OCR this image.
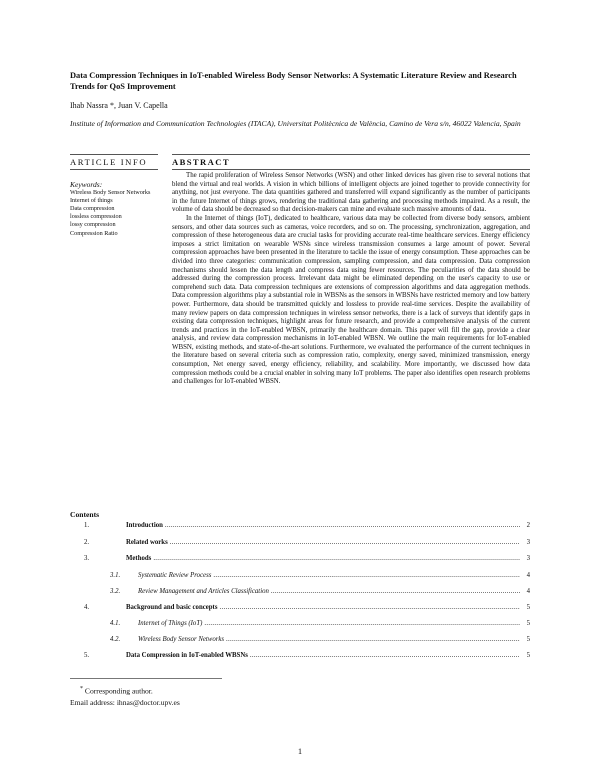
Data Compression Techniques in IoT-enabled Wireless Body Sensor Networks: A Systematic Literature Review and Research Trends for QoS Improvement
Ihab Nassra *, Juan V. Capella
Institute of Information and Communication Technologies (ITACA), Universitat Politècnica de València, Camino de Vera s/n, 46022 Valencia, Spain
ARTICLE INFO
Keywords:
Wireless Body Sensor Networks
Internet of things
Data compression
lossless compression
lossy compression
Compression Ratio
ABSTRACT

The rapid proliferation of Wireless Sensor Networks (WSN) and other linked devices has given rise to several notions that blend the virtual and real worlds. A vision in which billions of intelligent objects are joined together to provide connectivity for anything, not just everyone. The data quantities gathered and transferred will expand significantly as the number of participants in the future Internet of things grows, rendering the traditional data gathering and processing methods impaired. As a result, the volume of data should be decreased so that decision-makers can mine and evaluate such massive amounts of data.

In the Internet of things (IoT), dedicated to healthcare, various data may be collected from diverse body sensors, ambient sensors, and other data sources such as cameras, voice recorders, and so on. The processing, synchronization, aggregation, and compression of these heterogeneous data are crucial tasks for providing accurate real-time healthcare services. Energy efficiency imposes a strict limitation on wearable WSNs since wireless transmission consumes a large amount of power. Several compression approaches have been presented in the literature to tackle the issue of energy consumption. These approaches can be divided into three categories: communication compression, sampling compression, and data compression. Data compression mechanisms should lessen the data length and compress data using fewer resources. The peculiarities of the data should be addressed during the compression process. Irrelevant data might be eliminated depending on the user's capacity to use or comprehend such data. Data compression techniques are extensions of compression algorithms and data aggregation methods. Data compression algorithms play a substantial role in WBSNs as the sensors in WBSNs have restricted memory and low battery power. Furthermore, data should be transmitted quickly and lossless to provide real-time services. Despite the availability of many review papers on data compression techniques in wireless sensor networks, there is a lack of surveys that identify gaps in existing data compression techniques, highlight areas for future research, and provide a comprehensive analysis of the current trends and practices in the IoT-enabled WBSN, primarily the healthcare domain. This paper will fill the gap, provide a clear analysis, and review data compression mechanisms in IoT-enabled WBSN. We outline the main requirements for IoT-enabled WBSN, existing methods, and state-of-the-art solutions. Furthermore, we evaluated the performance of the current techniques in the literature based on several criteria such as compression ratio, complexity, energy saved, minimized transmission, energy consumption, Net energy saved, energy efficiency, reliability, and scalability. More importantly, we discussed how data compression methods could be a crucial enabler in solving many IoT problems. The paper also identifies open research problems and challenges for IoT-enabled WBSN.

Contents
1.	Introduction .....	2
2.	Related works .....	3
3.	Methods .....	3
3.1.	Systematic Review Process .....	4
3.2.	Review Management and Articles Classification .....	4
4.	Background and basic concepts .....	5
4.1.	Internet of Things (IoT) .....	5
4.2.	Wireless Body Sensor Networks .....	5
5.	Data Compression in IoT-enabled WBSNs .....	5
* Corresponding author.
Email address: ihnas@doctor.upv.es
1
